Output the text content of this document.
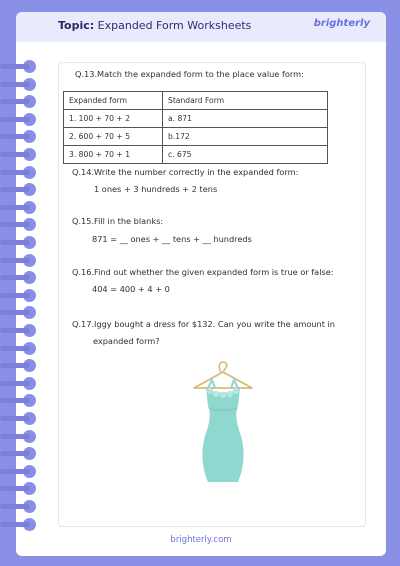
Topic: Expanded Form Worksheets	brighterly
Q.13.Match the expanded form to the place value form:
Expanded form	Standard Form
1. 100 + 70 + 2	a. 871
2. 600 + 70 + 5	b.172
3. 800 + 70 + 1	c. 675
Q.14.Write the number correctly in the expanded form:
1 ones + 3 hundreds + 2 tens
Q.15.Fill in the blanks:
871 = __ ones + __ tens + __ hundreds
Q.16.Find out whether the given expanded form is true or false:
404 = 400 + 4 + 0
Q.17.Iggy bought a dress for $132. Can you write the amount in
expanded form?
brighterly.com
